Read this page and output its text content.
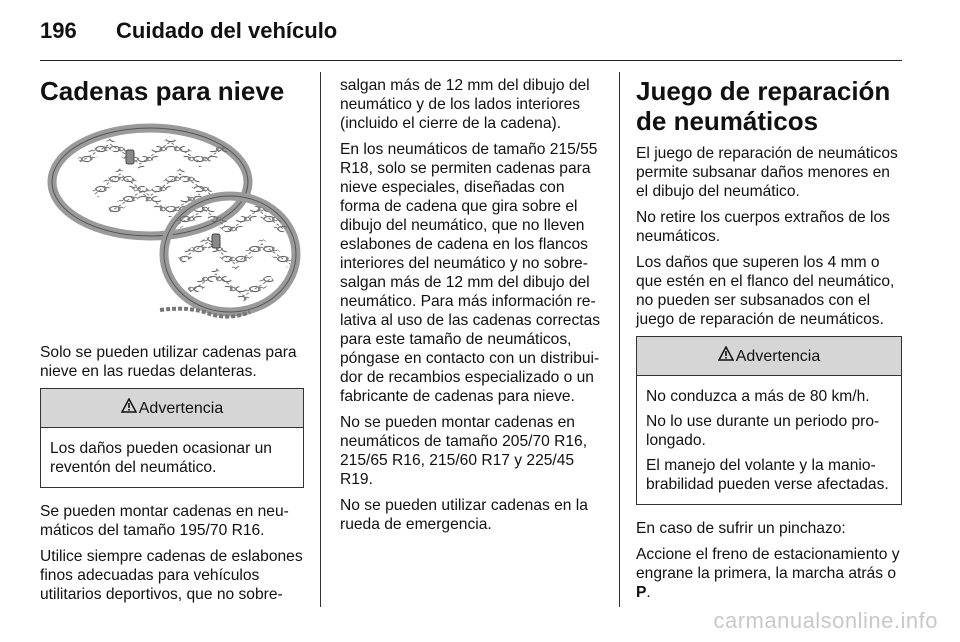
196 Cuidado del vehículo
Cadenas para nieve

Solo se pueden utilizar cadenas para nieve en las ruedas delanteras.

Advertencia

Los daños pueden ocasionar un reventón del neumático.

Se pueden montar cadenas en neumáticos del tamaño 195/70 R16.

Utilice siempre cadenas de eslabones finos adecuadas para vehículos utilitarios deportivos, que no sobre-

salgan más de 12 mm del dibujo del neumático y de los lados interiores (incluido el cierre de la cadena).

En los neumáticos de tamaño 215/55 R18, solo se permiten cadenas para nieve especiales, diseñadas con forma de cadena que gira sobre el dibujo del neumático, que no lleven eslabones de cadena en los flancos interiores del neumático y no sobresalgan más de 12 mm del dibujo del neumático. Para más información relativa al uso de las cadenas correctas para este tamaño de neumáticos, póngase en contacto con un distribuidor de recambios especializado o un fabricante de cadenas para nieve.

No se pueden montar cadenas en neumáticos de tamaño 205/70 R16, 215/65 R16, 215/60 R17 y 225/45 R19.

No se pueden utilizar cadenas en la rueda de emergencia.

Juego de reparación de neumáticos

El juego de reparación de neumáticos permite subsanar daños menores en el dibujo del neumático.

No retire los cuerpos extraños de los neumáticos.

Los daños que superen los 4 mm o que estén en el flanco del neumático, no pueden ser subsanados con el juego de reparación de neumáticos.

Advertencia

No conduzca a más de 80 km/h.

No lo use durante un periodo prolongado.

El manejo del volante y la maniobrabilidad pueden verse afectadas.

En caso de sufrir un pinchazo:

Accione el freno de estacionamiento y engrane la primera, la marcha atrás o P.

carmanualsonline.info
